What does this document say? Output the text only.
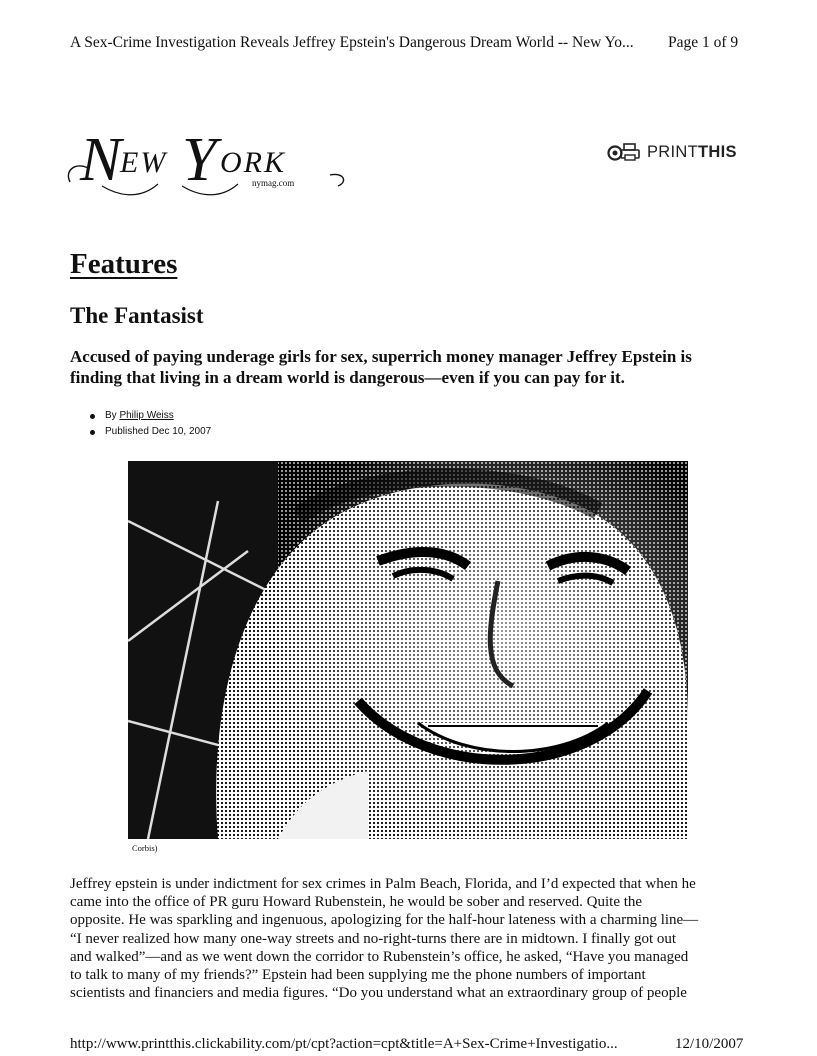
A Sex-Crime Investigation Reveals Jeffrey Epstein's Dangerous Dream World -- New Yo... Page 1 of 9
N
EW Y ORK
nymag.com
PRINTTHIS
Features
The Fantasist
Accused of paying underage girls for sex, superrich money manager Jeffrey Epstein is
finding that living in a dream world is dangerous—even if you can pay for it.
By Philip Weiss
Published Dec 10, 2007
Corbis)

Jeffrey epstein is under indictment for sex crimes in Palm Beach, Florida, and I’d expected that when he
came into the office of PR guru Howard Rubenstein, he would be sober and reserved. Quite the
opposite. He was sparkling and ingenuous, apologizing for the half-hour lateness with a charming line—
“I never realized how many one-way streets and no-right-turns there are in midtown. I finally got out
and walked”—and as we went down the corridor to Rubenstein’s office, he asked, “Have you managed
to talk to many of my friends?” Epstein had been supplying me the phone numbers of important
scientists and financiers and media figures. “Do you understand what an extraordinary group of people

http://www.printthis.clickability.com/pt/cpt?action=cpt&title=A+Sex-Crime+Investigatio...	12/10/2007
